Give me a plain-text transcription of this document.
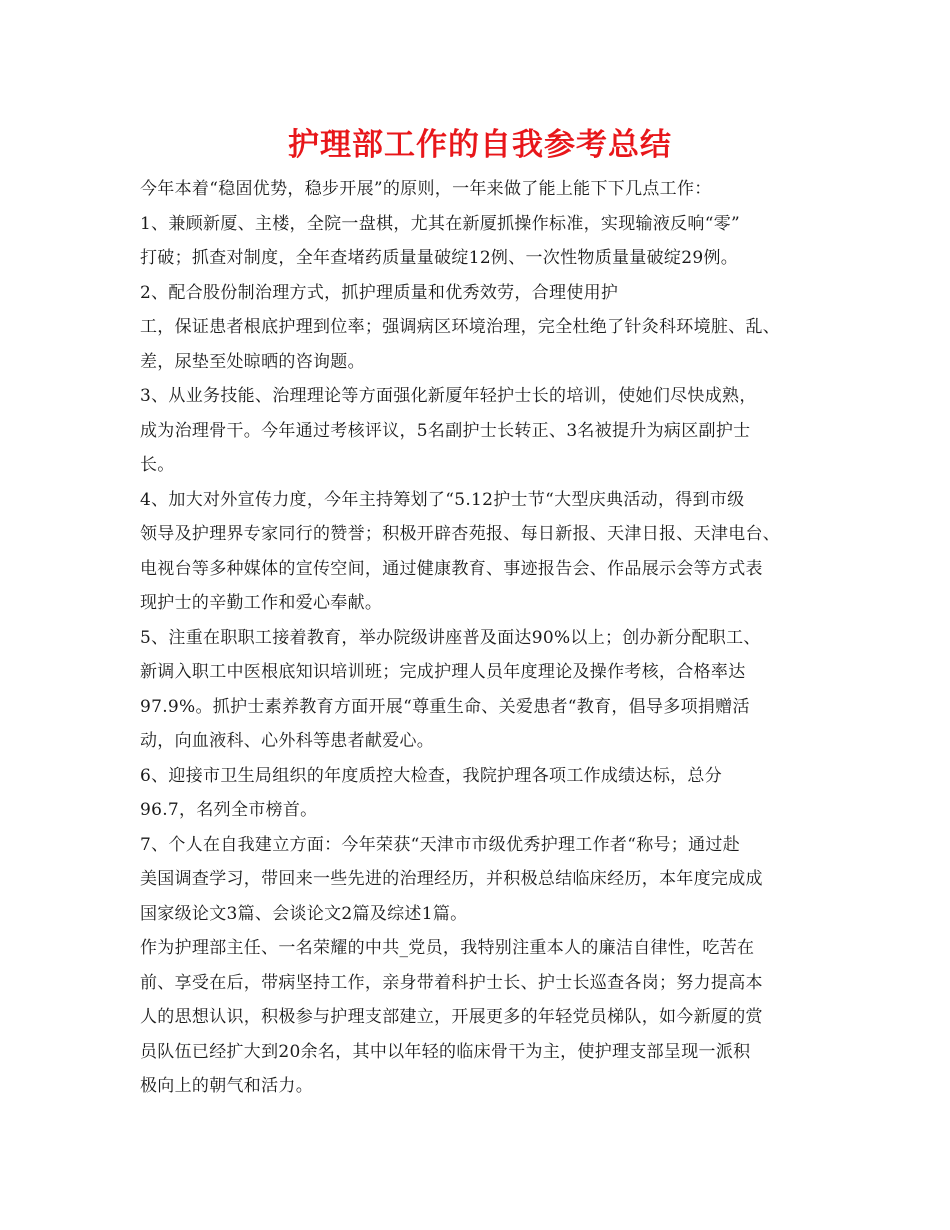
护理部工作的自我参考总结

今年本着“稳固优势，稳步开展”的原则，一年来做了能上能下下几点工作：

1、兼顾新厦、主楼，全院一盘棋，尤其在新厦抓操作标准，实现输液反响“零”

打破；抓查对制度，全年查堵药质量量破绽12例、一次性物质量量破绽29例。

2、配合股份制治理方式，抓护理质量和优秀效劳，合理使用护

工，保证患者根底护理到位率；强调病区环境治理，完全杜绝了针灸科环境脏、乱、

差，尿垫至处晾晒的咨询题。

3、从业务技能、治理理论等方面强化新厦年轻护士长的培训，使她们尽快成熟，

成为治理骨干。今年通过考核评议，5名副护士长转正、3名被提升为病区副护士

长。

4、加大对外宣传力度，今年主持筹划了“5.12护士节“大型庆典活动，得到市级

领导及护理界专家同行的赞誉；积极开辟杏苑报、每日新报、天津日报、天津电台、

电视台等多种媒体的宣传空间，通过健康教育、事迹报告会、作品展示会等方式表

现护士的辛勤工作和爱心奉献。

5、注重在职职工接着教育，举办院级讲座普及面达90%以上；创办新分配职工、

新调入职工中医根底知识培训班；完成护理人员年度理论及操作考核，合格率达

97.9%。抓护士素养教育方面开展“尊重生命、关爱患者“教育，倡导多项捐赠活

动，向血液科、心外科等患者献爱心。

6、迎接市卫生局组织的年度质控大检查，我院护理各项工作成绩达标，总分

96.7，名列全市榜首。

7、个人在自我建立方面：今年荣获“天津市市级优秀护理工作者“称号；通过赴

美国调查学习，带回来一些先进的治理经历，并积极总结临床经历，本年度完成成

国家级论文3篇、会谈论文2篇及综述1篇。

作为护理部主任、一名荣耀的中共_党员，我特别注重本人的廉洁自律性，吃苦在

前、享受在后，带病坚持工作，亲身带着科护士长、护士长巡查各岗；努力提高本

人的思想认识，积极参与护理支部建立，开展更多的年轻党员梯队，如今新厦的赏

员队伍已经扩大到20余名，其中以年轻的临床骨干为主，使护理支部呈现一派积

极向上的朝气和活力。
